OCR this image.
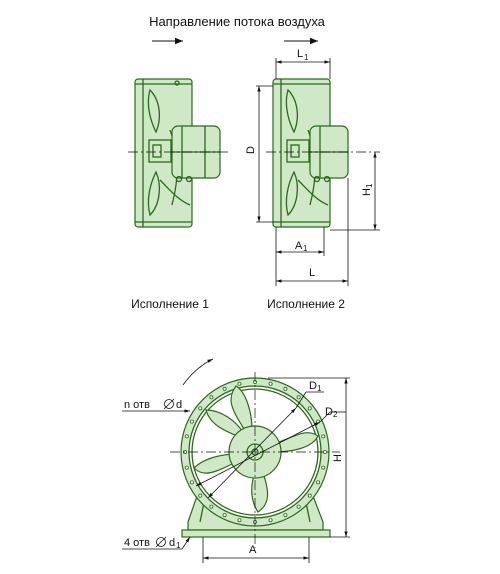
Направление потока воздуха
L 1
D
H
1
A 1
L
Исполнение 1	Исполнение 2
D 1
D 2
H
A
n отв d
4 отв d 1
